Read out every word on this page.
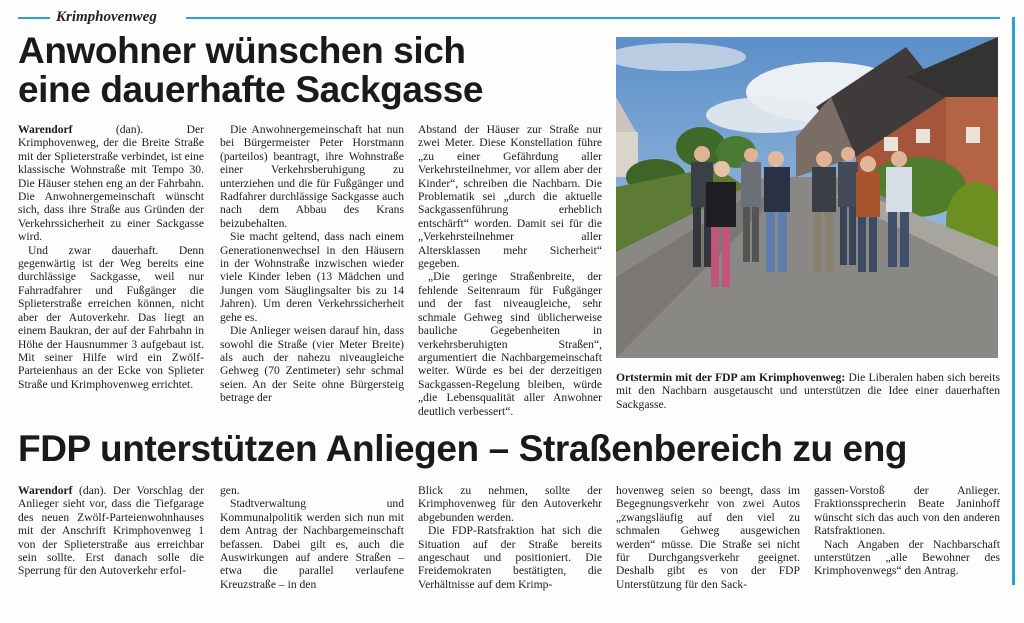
Krimphovenweg
Anwohner wünschen sich
eine dauerhafte Sackgasse

Warendorf (dan). Der Krimphovenweg, der die Breite Straße mit der Splieterstraße verbindet, ist eine klassische Wohnstraße mit Tempo 30. Die Häuser stehen eng an der Fahrbahn. Die Anwohnergemeinschaft wünscht sich, dass ihre Straße aus Gründen der Verkehrssicherheit zu einer Sackgasse wird.

Und zwar dauerhaft. Denn gegenwärtig ist der Weg bereits eine durchlässige Sackgasse, weil nur Fahrradfahrer und Fußgänger die Splieterstraße erreichen können, nicht aber der Autoverkehr. Das liegt an einem Baukran, der auf der Fahrbahn in Höhe der Hausnummer 3 aufgebaut ist. Mit seiner Hilfe wird ein Zwölf-Parteienhaus an der Ecke von Splieter Straße und Krimphovenweg errichtet.

Die Anwohnergemeinschaft hat nun bei Bürgermeister Peter Horstmann (parteilos) beantragt, ihre Wohnstraße einer Verkehrsberuhigung zu unterziehen und die für Fußgänger und Radfahrer durchlässige Sackgasse auch nach dem Abbau des Krans beizubehalten.

Sie macht geltend, dass nach einem Generationenwechsel in den Häusern in der Wohnstraße inzwischen wieder viele Kinder leben (13 Mädchen und Jungen vom Säuglingsalter bis zu 14 Jahren). Um deren Verkehrssicherheit gehe es.

Die Anlieger weisen darauf hin, dass sowohl die Straße (vier Meter Breite) als auch der nahezu niveaugleiche Gehweg (70 Zentimeter) sehr schmal seien. An der Seite ohne Bürgersteig betrage der

Abstand der Häuser zur Straße nur zwei Meter. Diese Konstellation führe „zu einer Gefährdung aller Verkehrsteilnehmer, vor allem aber der Kinder“, schreiben die Nachbarn. Die Problematik sei „durch die aktuelle Sackgassenführung erheblich entschärft“ worden. Damit sei für die „Verkehrsteilnehmer aller Altersklassen mehr Sicherheit“ gegeben.

„Die geringe Straßenbreite, der fehlende Seitenraum für Fußgänger und der fast niveaugleiche, sehr schmale Gehweg sind üblicherweise bauliche Gegebenheiten in verkehrsberuhigten Straßen“, argumentiert die Nachbargemeinschaft weiter. Würde es bei der derzeitigen Sackgassen-Regelung bleiben, würde „die Lebensqualität aller Anwohner deutlich verbessert“.

Ortstermin mit der FDP am Krimphovenweg: Die Liberalen haben sich bereits mit den Nachbarn ausgetauscht und unterstützen die Idee einer dauerhaften Sackgasse.
FDP unterstützen Anliegen – Straßenbereich zu eng

Warendorf (dan). Der Vorschlag der Anlieger sieht vor, dass die Tiefgarage des neuen Zwölf-Parteienwohnhauses mit der Anschrift Krimphovenweg 1 von der Splieterstraße aus erreichbar sein sollte. Erst danach solle die Sperrung für den Autoverkehr erfol-

gen.

Stadtverwaltung und Kommunalpolitik werden sich nun mit dem Antrag der Nachbargemeinschaft befassen. Dabei gilt es, auch die Auswirkungen auf andere Straßen – etwa die parallel verlaufene Kreuzstraße – in den

Blick zu nehmen, sollte der Krimphovenweg für den Autoverkehr abgebunden werden.

Die FDP-Ratsfraktion hat sich die Situation auf der Straße bereits angeschaut und positioniert. Die Freidemokraten bestätigten, die Verhältnisse auf dem Krimp-

hovenweg seien so beengt, dass im Begegnungsverkehr von zwei Autos „zwangsläufig auf den viel zu schmalen Gehweg ausgewichen werden“ müsse. Die Straße sei nicht für Durchgangsverkehr geeignet. Deshalb gibt es von der FDP Unterstützung für den Sack-

gassen-Vorstoß der Anlieger. Fraktionssprecherin Beate Janinhoff wünscht sich das auch von den anderen Ratsfraktionen.

Nach Angaben der Nachbarschaft unterstützen „alle Bewohner des Krimphovenwegs“ den Antrag.
